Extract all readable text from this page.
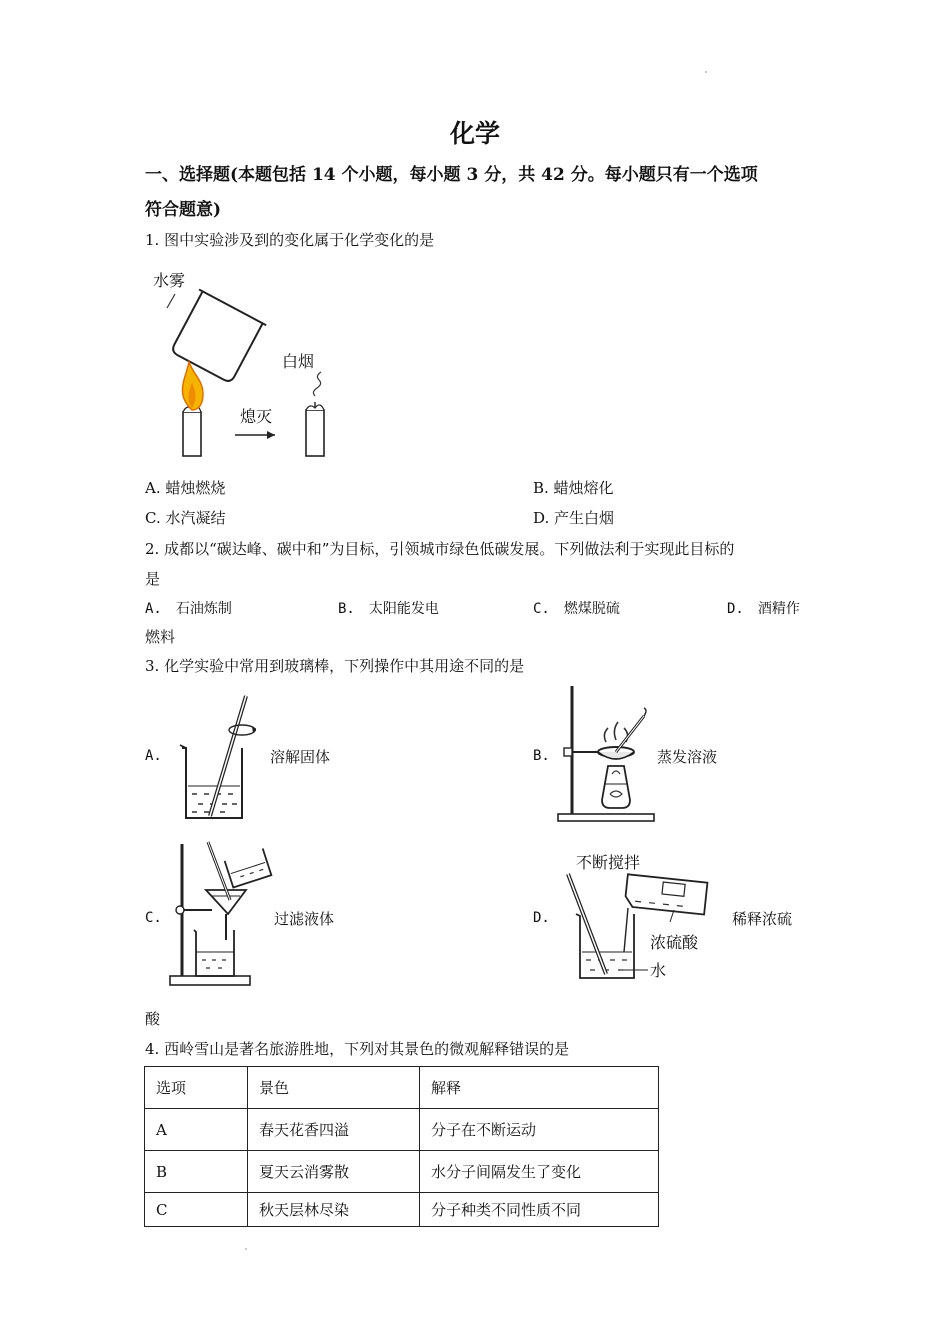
化学
一、选择题(本题包括 14 个小题，每小题 3 分，共 42 分。每小题只有一个选项
符合题意)
1. 图中实验涉及到的变化属于化学变化的是
水雾
熄灭
白烟
A. 蜡烛燃烧	B. 蜡烛熔化
C. 水汽凝结	D. 产生白烟
2. 成都以“碳达峰、碳中和”为目标，引领城市绿色低碳发展。下列做法利于实现此目标的
是
A.　石油炼制	B.　太阳能发电	C.　燃煤脱硫	D.　酒精作
燃料
3. 化学实验中常用到玻璃棒，下列操作中其用途不同的是
A.	溶解固体	B.	蒸发溶液
C.	过滤液体	D.
不断搅拌
浓硫酸
水
稀释浓硫
酸
4. 西岭雪山是著名旅游胜地，下列对其景色的微观解释错误的是
选项	景色	解释
A	春天花香四溢	分子在不断运动
B	夏天云消雾散	水分子间隔发生了变化
C	秋天层林尽染	分子种类不同性质不同
